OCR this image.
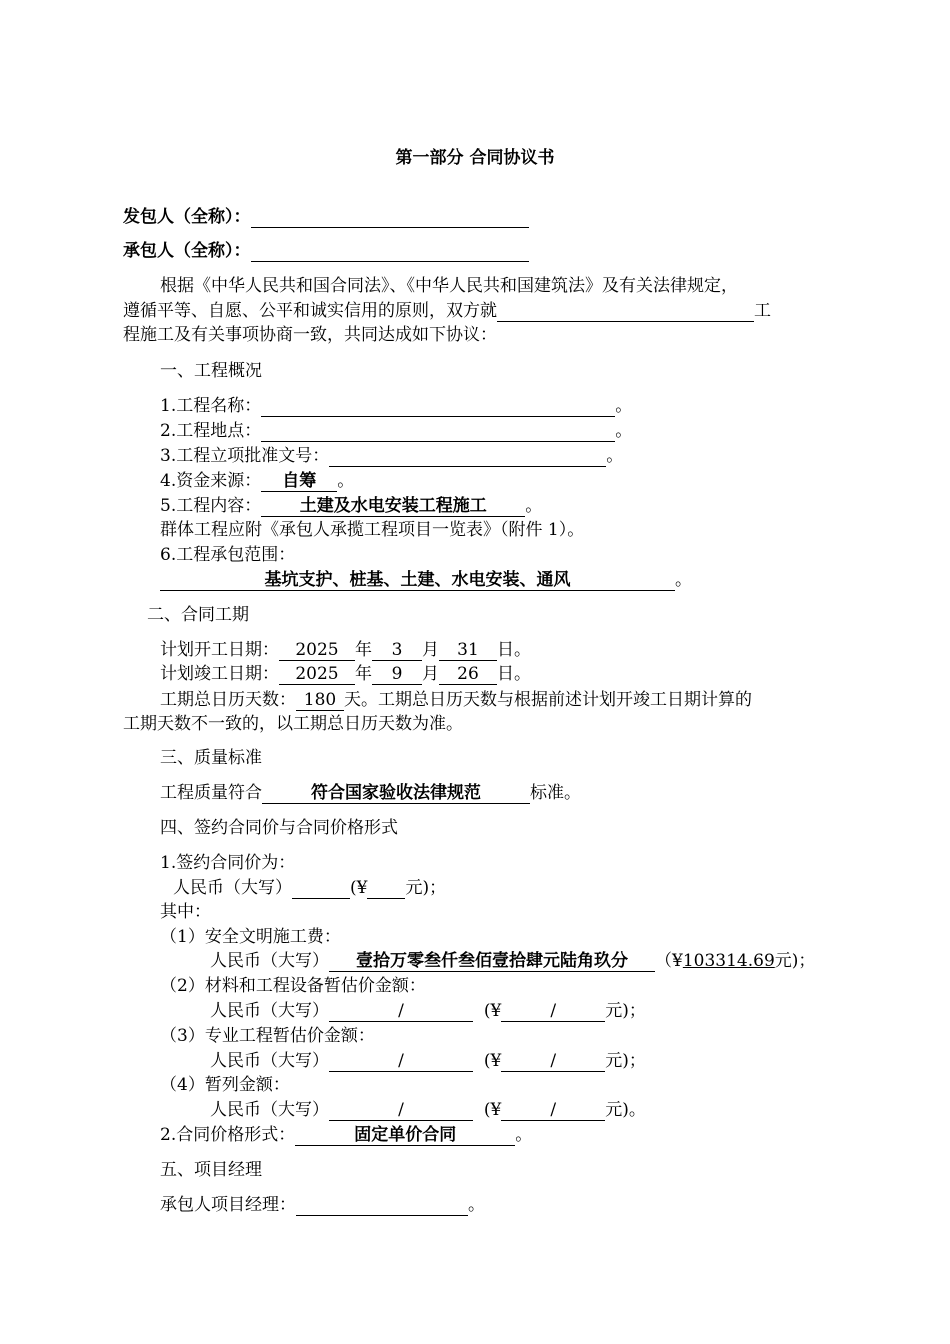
第一部分 合同协议书
发包人（全称）：
承包人（全称）：
根据《中华人民共和国合同法》、《中华人民共和国建筑法》及有关法律规定，
遵循平等、自愿、公平和诚实信用的原则，双方就	工
程施工及有关事项协商一致，共同达成如下协议：
一、工程概况
1.工程名称：	。
2.工程地点：	。
3.工程立项批准文号：	。
4.资金来源： 自筹 。
5.工程内容： 土建及水电安装工程施工 。
群体工程应附《承包人承揽工程项目一览表》（附件 1）。
6.工程承包范围：
基坑支护、桩基、土建、水电安装、通风	。
二、合同工期
计划开工日期： 2025 年 3 月 31 日。
计划竣工日期： 2025 年 9 月 26 日。
工期总日历天数： 180 天。工期总日历天数与根据前述计划开竣工日期计算的
工期天数不一致的，以工期总日历天数为准。
三、质量标准
工程质量符合	符合国家验收法律规范	标准。
四、签约合同价与合同价格形式
1.签约合同价为：
人民币（大写）	(¥ 元)；
其中：
（1）安全文明施工费：
人民币（大写） 壹拾万零叁仟叁佰壹拾肆元陆角玖分 （¥103314.69元)；
（2）材料和工程设备暂估价金额：
人民币（大写）	/	(¥	/	元)；
（3）专业工程暂估价金额：
人民币（大写）	/	(¥	/	元)；
（4）暂列金额：
人民币（大写）	/	(¥	/	元)。
2.合同价格形式：	固定单价合同	。
五、项目经理
承包人项目经理：	。
